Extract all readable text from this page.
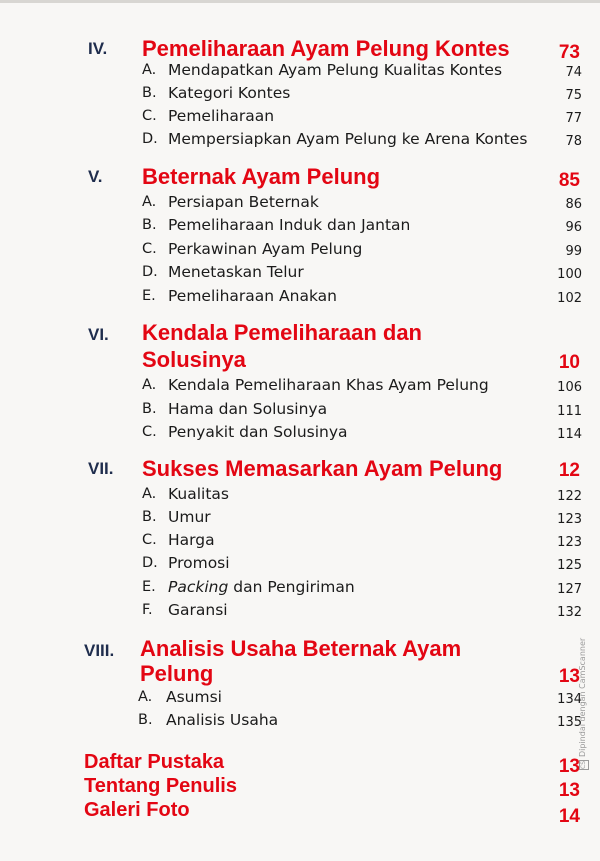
IV. Pemeliharaan Ayam Pelung Kontes	73
A. Mendapatkan Ayam Pelung Kualitas Kontes	74
B. Kategori Kontes	75
C. Pemeliharaan	77
D. Mempersiapkan Ayam Pelung ke Arena Kontes	78
V. Beternak Ayam Pelung	85
A. Persiapan Beternak	86
B. Pemeliharaan Induk dan Jantan	96
C. Perkawinan Ayam Pelung	99
D. Menetaskan Telur	100
E. Pemeliharaan Anakan	102
VI. Kendala Pemeliharaan dan
Solusinya	10
A. Kendala Pemeliharaan Khas Ayam Pelung	106
B. Hama dan Solusinya	111
C. Penyakit dan Solusinya	114
VII. Sukses Memasarkan Ayam Pelung	12
A. Kualitas	122
B. Umur	123
C. Harga	123
D. Promosi	125
E. Packing dan Pengiriman	127
F. Garansi	132
VIII. Analisis Usaha Beternak Ayam
Pelung	13
A. Asumsi	134
B. Analisis Usaha	135
Daftar Pustaka	13
Tentang Penulis	13
Galeri Foto	14
CSDipindai dengan CamScanner
